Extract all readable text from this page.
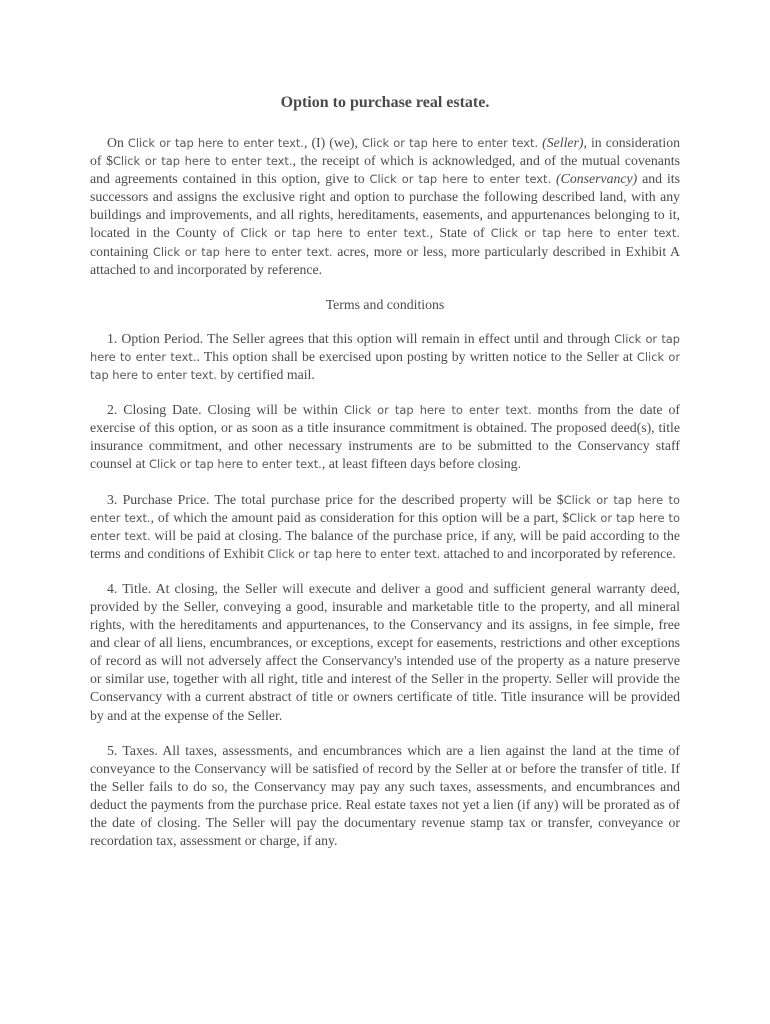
Option to purchase real estate.

On Click or tap here to enter text., (I) (we), Click or tap here to enter text. (Seller), in consideration of $Click or tap here to enter text., the receipt of which is acknowledged, and of the mutual covenants and agreements contained in this option, give to Click or tap here to enter text. (Conservancy) and its successors and assigns the exclusive right and option to purchase the following described land, with any buildings and improvements, and all rights, hereditaments, easements, and appurtenances belonging to it, located in the County of Click or tap here to enter text., State of Click or tap here to enter text. containing Click or tap here to enter text. acres, more or less, more particularly described in Exhibit A attached to and incorporated by reference.

Terms and conditions

1. Option Period. The Seller agrees that this option will remain in effect until and through Click or tap here to enter text.. This option shall be exercised upon posting by written notice to the Seller at Click or tap here to enter text. by certified mail.

2. Closing Date. Closing will be within Click or tap here to enter text. months from the date of exercise of this option, or as soon as a title insurance commitment is obtained. The proposed deed(s), title insurance commitment, and other necessary instruments are to be submitted to the Conservancy staff counsel at Click or tap here to enter text., at least fifteen days before closing.

3. Purchase Price. The total purchase price for the described property will be $Click or tap here to enter text., of which the amount paid as consideration for this option will be a part, $Click or tap here to enter text. will be paid at closing. The balance of the purchase price, if any, will be paid according to the terms and conditions of Exhibit Click or tap here to enter text. attached to and incorporated by reference.

4. Title. At closing, the Seller will execute and deliver a good and sufficient general warranty deed, provided by the Seller, conveying a good, insurable and marketable title to the property, and all mineral rights, with the hereditaments and appurtenances, to the Conservancy and its assigns, in fee simple, free and clear of all liens, encumbrances, or exceptions, except for easements, restrictions and other exceptions of record as will not adversely affect the Conservancy's intended use of the property as a nature preserve or similar use, together with all right, title and interest of the Seller in the property. Seller will provide the Conservancy with a current abstract of title or owners certificate of title. Title insurance will be provided by and at the expense of the Seller.

5. Taxes. All taxes, assessments, and encumbrances which are a lien against the land at the time of conveyance to the Conservancy will be satisfied of record by the Seller at or before the transfer of title. If the Seller fails to do so, the Conservancy may pay any such taxes, assessments, and encumbrances and deduct the payments from the purchase price. Real estate taxes not yet a lien (if any) will be prorated as of the date of closing. The Seller will pay the documentary revenue stamp tax or transfer, conveyance or recordation tax, assessment or charge, if any.
